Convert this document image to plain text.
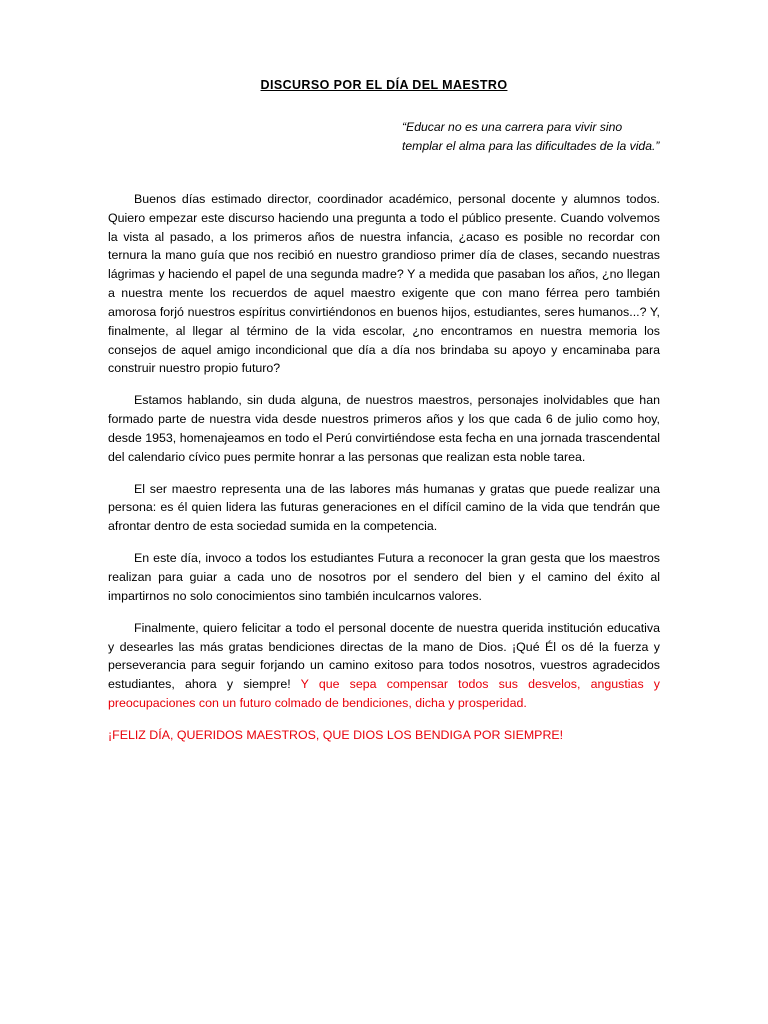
DISCURSO POR EL DÍA DEL MAESTRO
“Educar no es una carrera para vivir sino templar el alma para las dificultades de la vida.”

Buenos días estimado director, coordinador académico, personal docente y alumnos todos. Quiero empezar este discurso haciendo una pregunta a todo el público presente. Cuando volvemos la vista al pasado, a los primeros años de nuestra infancia, ¿acaso es posible no recordar con ternura la mano guía que nos recibió en nuestro grandioso primer día de clases, secando nuestras lágrimas y haciendo el papel de una segunda madre? Y a medida que pasaban los años, ¿no llegan a nuestra mente los recuerdos de aquel maestro exigente que con mano férrea pero también amorosa forjó nuestros espíritus convirtiéndonos en buenos hijos, estudiantes, seres humanos...? Y, finalmente, al llegar al término de la vida escolar, ¿no encontramos en nuestra memoria los consejos de aquel amigo incondicional que día a día nos brindaba su apoyo y encaminaba para construir nuestro propio futuro?

Estamos hablando, sin duda alguna, de nuestros maestros, personajes inolvidables que han formado parte de nuestra vida desde nuestros primeros años y los que cada 6 de julio como hoy, desde 1953, homenajeamos en todo el Perú convirtiéndose esta fecha en una jornada trascendental del calendario cívico pues permite honrar a las personas que realizan esta noble tarea.

El ser maestro representa una de las labores más humanas y gratas que puede realizar una persona: es él quien lidera las futuras generaciones en el difícil camino de la vida que tendrán que afrontar dentro de esta sociedad sumida en la competencia.

En este día, invoco a todos los estudiantes Futura a reconocer la gran gesta que los maestros realizan para guiar a cada uno de nosotros por el sendero del bien y el camino del éxito al impartirnos no solo conocimientos sino también inculcarnos valores.

Finalmente, quiero felicitar a todo el personal docente de nuestra querida institución educativa y desearles las más gratas bendiciones directas de la mano de Dios. ¡Qué Él os dé la fuerza y perseverancia para seguir forjando un camino exitoso para todos nosotros, vuestros agradecidos estudiantes, ahora y siempre! Y que sepa compensar todos sus desvelos, angustias y preocupaciones con un futuro colmado de bendiciones, dicha y prosperidad.

¡FELIZ DÍA, QUERIDOS MAESTROS, QUE DIOS LOS BENDIGA POR SIEMPRE!
